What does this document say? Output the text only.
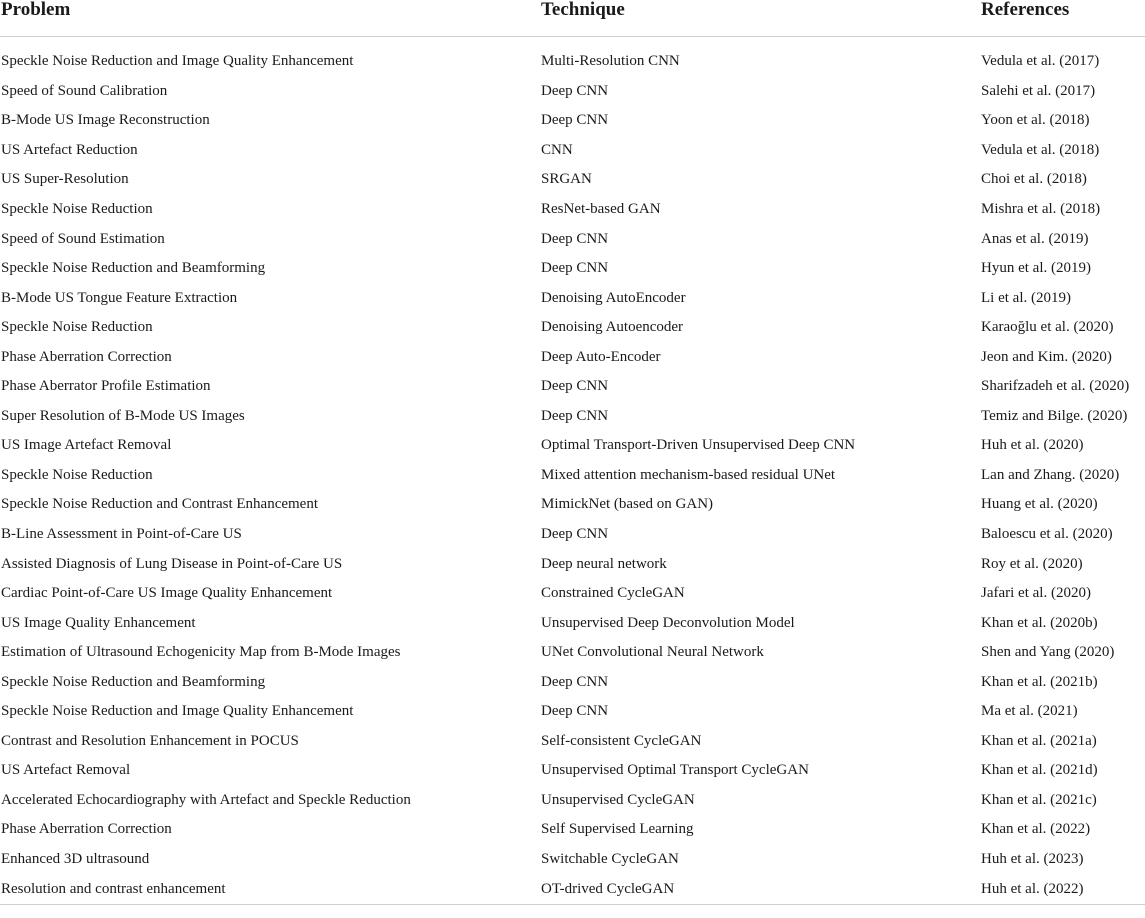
Problem	Technique	References

Speckle Noise Reduction and Image Quality Enhancement	Multi-Resolution CNN	Vedula et al. (2017)
Speed of Sound Calibration	Deep CNN	Salehi et al. (2017)
B-Mode US Image Reconstruction	Deep CNN	Yoon et al. (2018)
US Artefact Reduction	CNN	Vedula et al. (2018)
US Super-Resolution	SRGAN	Choi et al. (2018)
Speckle Noise Reduction	ResNet-based GAN	Mishra et al. (2018)
Speed of Sound Estimation	Deep CNN	Anas et al. (2019)
Speckle Noise Reduction and Beamforming	Deep CNN	Hyun et al. (2019)
B-Mode US Tongue Feature Extraction	Denoising AutoEncoder	Li et al. (2019)
Speckle Noise Reduction	Denoising Autoencoder	Karaoğlu et al. (2020)
Phase Aberration Correction	Deep Auto-Encoder	Jeon and Kim. (2020)
Phase Aberrator Profile Estimation	Deep CNN	Sharifzadeh et al. (2020)
Super Resolution of B-Mode US Images	Deep CNN	Temiz and Bilge. (2020)
US Image Artefact Removal	Optimal Transport-Driven Unsupervised Deep CNN	Huh et al. (2020)
Speckle Noise Reduction	Mixed attention mechanism-based residual UNet	Lan and Zhang. (2020)
Speckle Noise Reduction and Contrast Enhancement	MimickNet (based on GAN)	Huang et al. (2020)
B-Line Assessment in Point-of-Care US	Deep CNN	Baloescu et al. (2020)
Assisted Diagnosis of Lung Disease in Point-of-Care US	Deep neural network	Roy et al. (2020)
Cardiac Point-of-Care US Image Quality Enhancement	Constrained CycleGAN	Jafari et al. (2020)
US Image Quality Enhancement	Unsupervised Deep Deconvolution Model	Khan et al. (2020b)
Estimation of Ultrasound Echogenicity Map from B-Mode Images	UNet Convolutional Neural Network	Shen and Yang (2020)
Speckle Noise Reduction and Beamforming	Deep CNN	Khan et al. (2021b)
Speckle Noise Reduction and Image Quality Enhancement	Deep CNN	Ma et al. (2021)
Contrast and Resolution Enhancement in POCUS	Self-consistent CycleGAN	Khan et al. (2021a)
US Artefact Removal	Unsupervised Optimal Transport CycleGAN	Khan et al. (2021d)
Accelerated Echocardiography with Artefact and Speckle Reduction	Unsupervised CycleGAN	Khan et al. (2021c)
Phase Aberration Correction	Self Supervised Learning	Khan et al. (2022)
Enhanced 3D ultrasound	Switchable CycleGAN	Huh et al. (2023)
Resolution and contrast enhancement	OT-drived CycleGAN	Huh et al. (2022)
